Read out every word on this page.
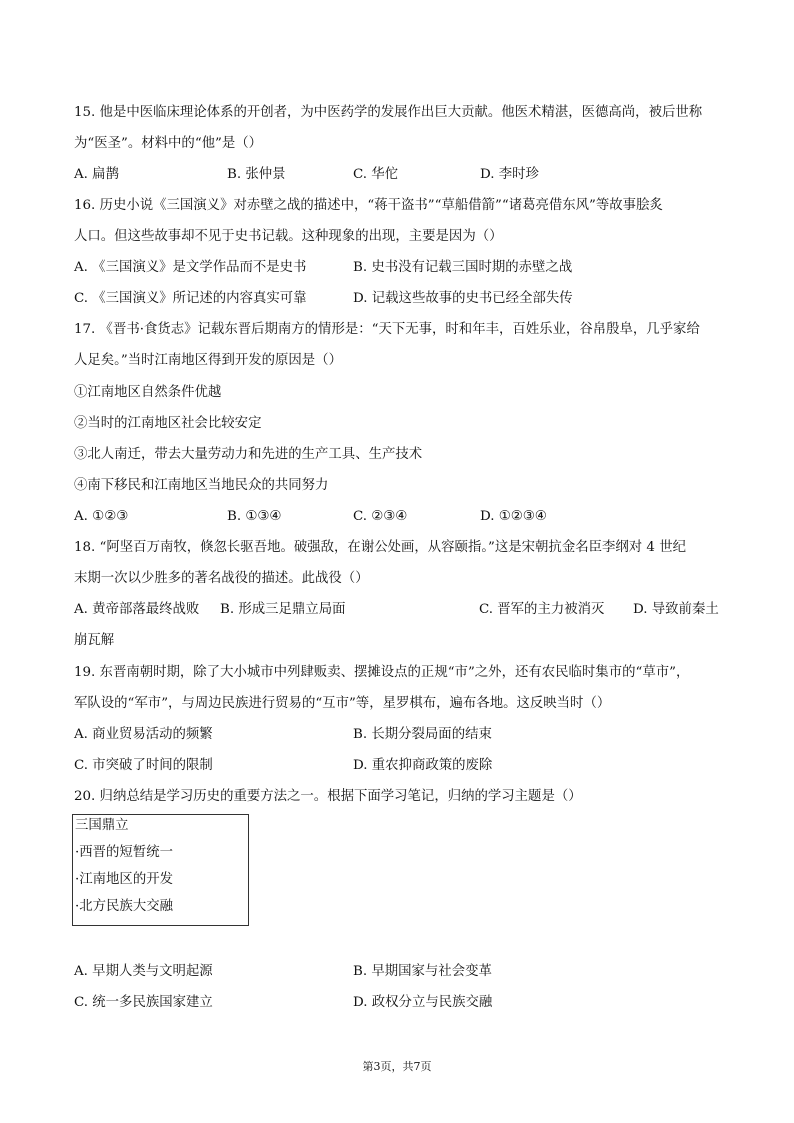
15. 他是中医临床理论体系的开创者，为中医药学的发展作出巨大贡献。他医术精湛，医德高尚，被后世称
为“医圣”。材料中的“他”是（）
A. 扁鹊	B. 张仲景	C. 华佗	D. 李时珍
16. 历史小说《三国演义》对赤壁之战的描述中，“蒋干盗书”“草船借箭”“诸葛亮借东风”等故事脍炙
人口。但这些故事却不见于史书记载。这种现象的出现，主要是因为（）
A. 《三国演义》是文学作品而不是史书	B. 史书没有记载三国时期的赤壁之战
C. 《三国演义》所记述的内容真实可靠	D. 记载这些故事的史书已经全部失传
17. 《晋书·食货志》记载东晋后期南方的情形是：“天下无事，时和年丰，百姓乐业，谷帛殷阜，几乎家给
人足矣。”当时江南地区得到开发的原因是（）
①江南地区自然条件优越
②当时的江南地区社会比较安定
③北人南迁，带去大量劳动力和先进的生产工具、生产技术
④南下移民和江南地区当地民众的共同努力
A. ①②③	B. ①③④	C. ②③④	D. ①②③④
18. “阿坚百万南牧，倏忽长驱吾地。破强敌，在谢公处画，从容颐指。”这是宋朝抗金名臣李纲对 4 世纪
末期一次以少胜多的著名战役的描述。此战役（）
A. 黄帝部落最终战败 B. 形成三足鼎立局面	C. 晋军的主力被消灭 D. 导致前秦土
崩瓦解
19. 东晋南朝时期，除了大小城市中列肆贩卖、摆摊设点的正规“市”之外，还有农民临时集市的“草市”，
军队设的“军市”，与周边民族进行贸易的“互市”等，星罗棋布，遍布各地。这反映当时（）
A. 商业贸易活动的频繁	B. 长期分裂局面的结束
C. 市突破了时间的限制	D. 重农抑商政策的废除
20. 归纳总结是学习历史的重要方法之一。根据下面学习笔记，归纳的学习主题是（）
三国鼎立
·西晋的短暂统一
·江南地区的开发
·北方民族大交融
A. 早期人类与文明起源	B. 早期国家与社会变革
C. 统一多民族国家建立	D. 政权分立与民族交融
第3页，共7页
